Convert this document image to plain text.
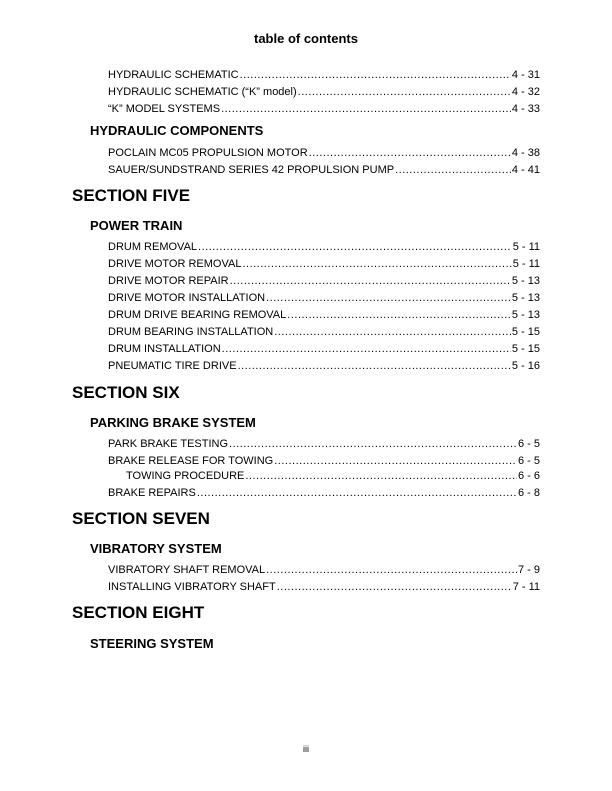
table of contents
HYDRAULIC SCHEMATIC .....	4 - 31
HYDRAULIC SCHEMATIC (“K” model) .....	4 - 32
“K” MODEL SYSTEMS .....	4 - 33
HYDRAULIC COMPONENTS
POCLAIN MC05 PROPULSION MOTOR .....	4 - 38
SAUER/SUNDSTRAND SERIES 42 PROPULSION PUMP .....	4 - 41
SECTION FIVE
POWER TRAIN
DRUM REMOVAL .....	5 - 11
DRIVE MOTOR REMOVAL .....	5 - 11
DRIVE MOTOR REPAIR .....	5 - 13
DRIVE MOTOR INSTALLATION .....	5 - 13
DRUM DRIVE BEARING REMOVAL .....	5 - 13
DRUM BEARING INSTALLATION .....	5 - 15
DRUM INSTALLATION .....	5 - 15
PNEUMATIC TIRE DRIVE .....	5 - 16
SECTION SIX
PARKING BRAKE SYSTEM
PARK BRAKE TESTING .....	6 - 5
BRAKE RELEASE FOR TOWING .....	6 - 5
TOWING PROCEDURE .....	6 - 6
BRAKE REPAIRS .....	6 - 8
SECTION SEVEN
VIBRATORY SYSTEM
VIBRATORY SHAFT REMOVAL .....	7 - 9
INSTALLING VIBRATORY SHAFT .....	7 - 11
SECTION EIGHT
STEERING SYSTEM
iii
